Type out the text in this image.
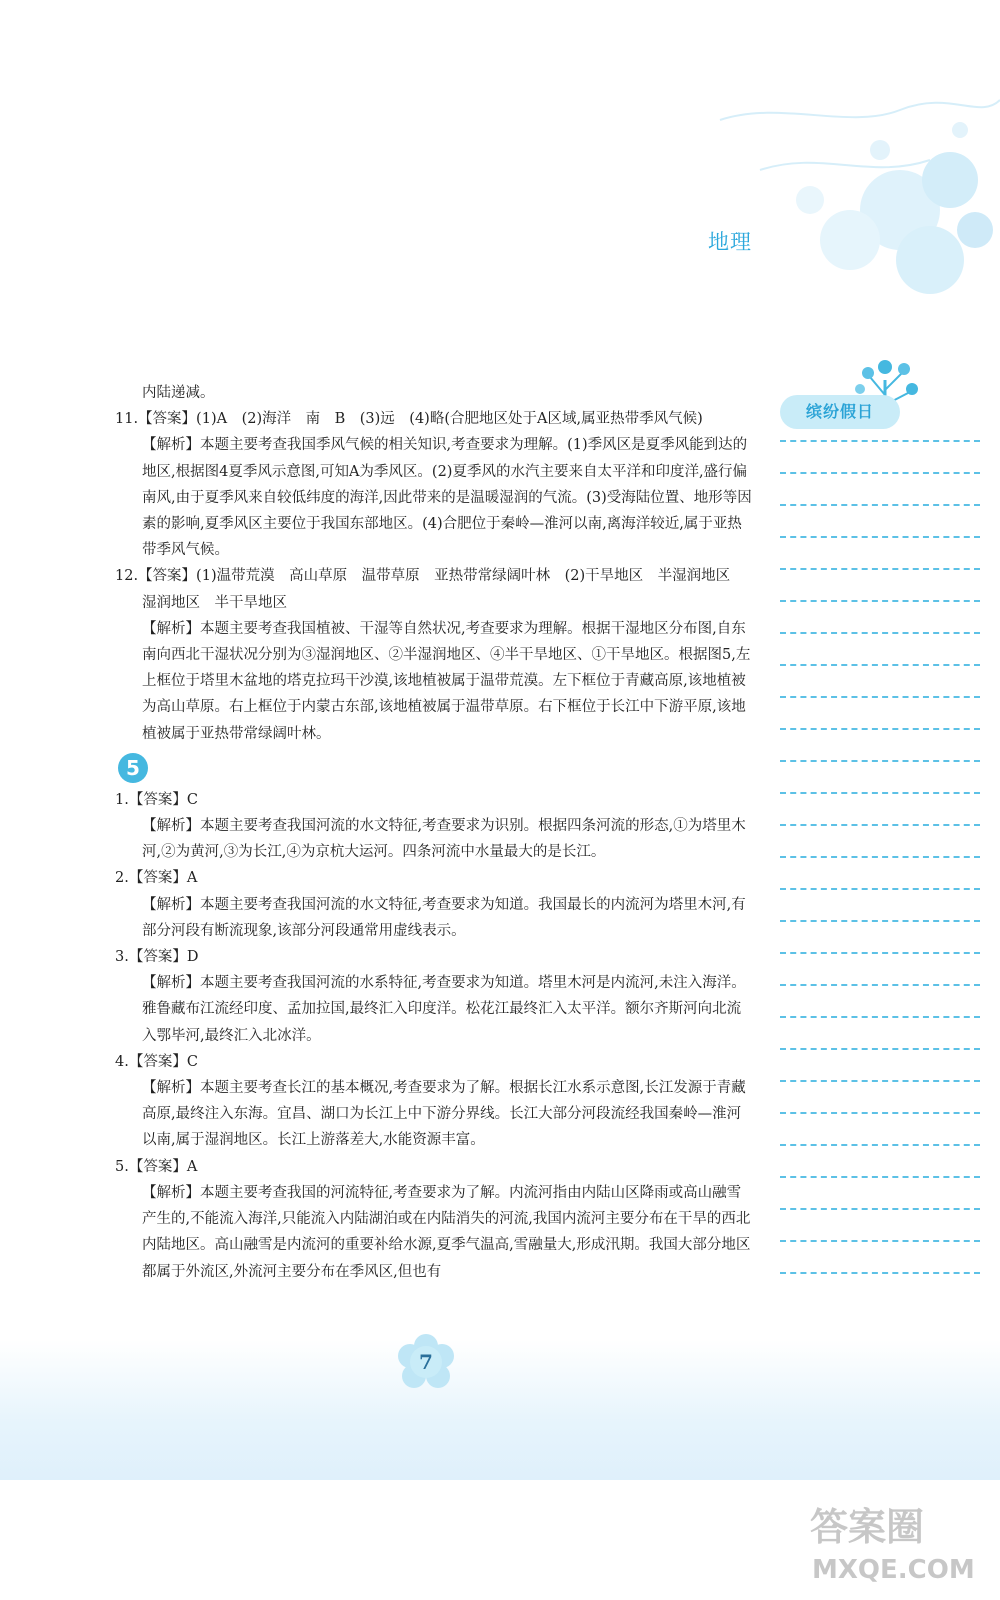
地理
缤纷假日

内陆递减。

11.【答案】(1)A　(2)海洋　南　B　(3)远　(4)略(合肥地区处于A区域,属亚热带季风气候)

【解析】本题主要考查我国季风气候的相关知识,考查要求为理解。(1)季风区是夏季风能到达的地区,根据图4夏季风示意图,可知A为季风区。(2)夏季风的水汽主要来自太平洋和印度洋,盛行偏南风,由于夏季风来自较低纬度的海洋,因此带来的是温暖湿润的气流。(3)受海陆位置、地形等因素的影响,夏季风区主要位于我国东部地区。(4)合肥位于秦岭—淮河以南,离海洋较近,属于亚热带季风气候。

12.【答案】(1)温带荒漠　高山草原　温带草原　亚热带常绿阔叶林　(2)干旱地区　半湿润地区　湿润地区　半干旱地区

【解析】本题主要考查我国植被、干湿等自然状况,考查要求为理解。根据干湿地区分布图,自东南向西北干湿状况分别为③湿润地区、②半湿润地区、④半干旱地区、①干旱地区。根据图5,左上框位于塔里木盆地的塔克拉玛干沙漠,该地植被属于温带荒漠。左下框位于青藏高原,该地植被为高山草原。右上框位于内蒙古东部,该地植被属于温带草原。右下框位于长江中下游平原,该地植被属于亚热带常绿阔叶林。

5

1.【答案】C

【解析】本题主要考查我国河流的水文特征,考查要求为识别。根据四条河流的形态,①为塔里木河,②为黄河,③为长江,④为京杭大运河。四条河流中水量最大的是长江。

2.【答案】A

【解析】本题主要考查我国河流的水文特征,考查要求为知道。我国最长的内流河为塔里木河,有部分河段有断流现象,该部分河段通常用虚线表示。

3.【答案】D

【解析】本题主要考查我国河流的水系特征,考查要求为知道。塔里木河是内流河,未注入海洋。雅鲁藏布江流经印度、孟加拉国,最终汇入印度洋。松花江最终汇入太平洋。额尔齐斯河向北流入鄂毕河,最终汇入北冰洋。

4.【答案】C

【解析】本题主要考查长江的基本概况,考查要求为了解。根据长江水系示意图,长江发源于青藏高原,最终注入东海。宜昌、湖口为长江上中下游分界线。长江大部分河段流经我国秦岭—淮河以南,属于湿润地区。长江上游落差大,水能资源丰富。

5.【答案】A

【解析】本题主要考查我国的河流特征,考查要求为了解。内流河指由内陆山区降雨或高山融雪产生的,不能流入海洋,只能流入内陆湖泊或在内陆消失的河流,我国内流河主要分布在干旱的西北内陆地区。高山融雪是内流河的重要补给水源,夏季气温高,雪融量大,形成汛期。我国大部分地区都属于外流区,外流河主要分布在季风区,但也有

7
答案圈
MXQE.COM
